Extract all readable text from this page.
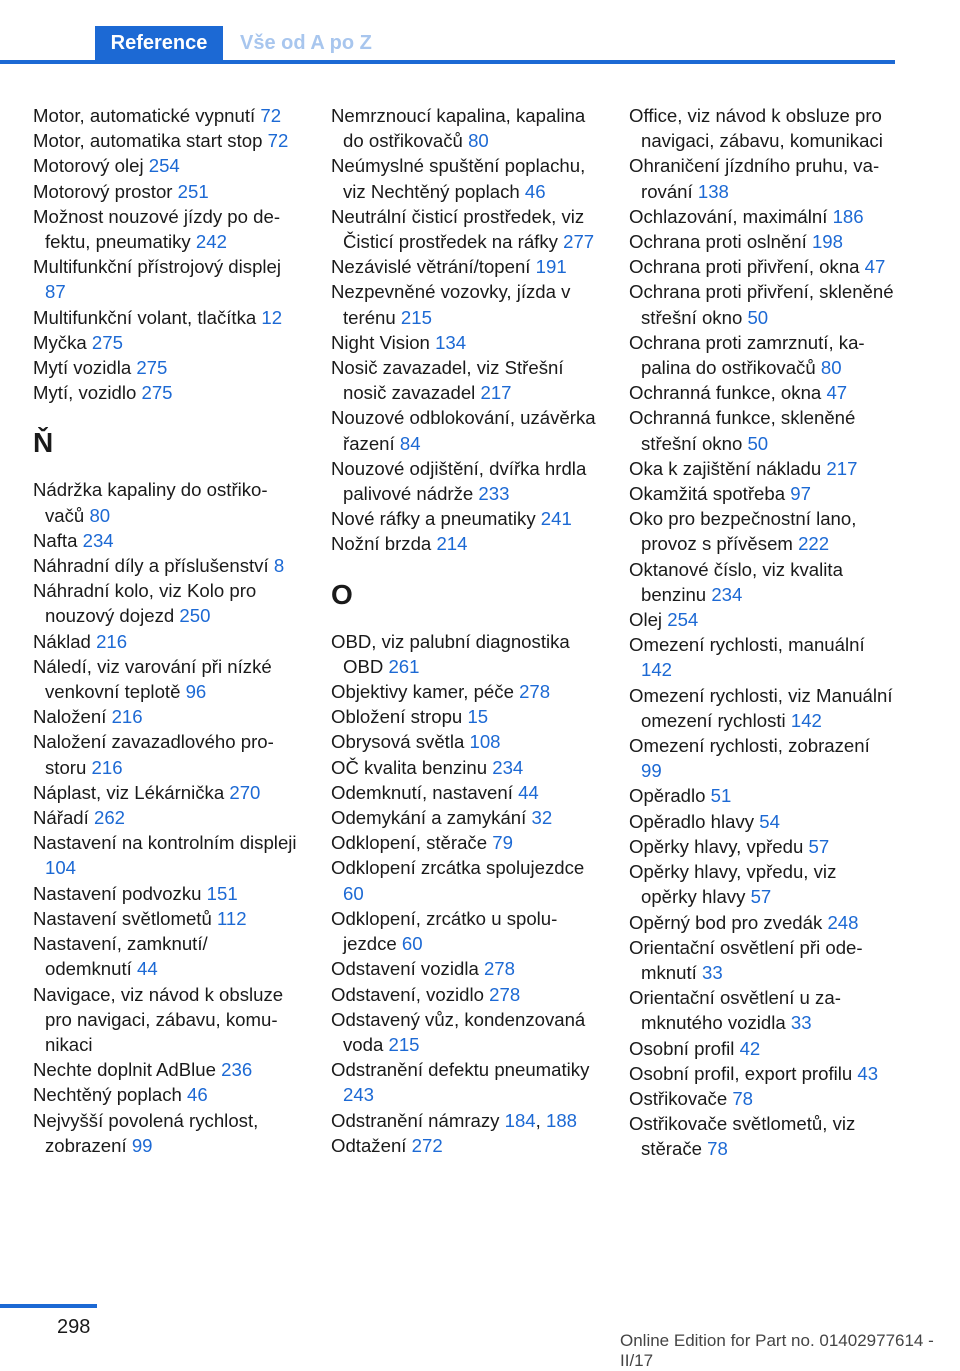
Reference	Vše od A po Z
Motor, automatické vypnutí 72
Motor, automatika start stop 72
Motorový olej 254
Motorový prostor 251
Možnost nouzové jízdy po defektu, pneumatiky 242
Multifunkční přístrojový displej 87
Multifunkční volant, tlačítka 12
Myčka 275
Mytí vozidla 275
Mytí, vozidlo 275
Ň
Nádržka kapaliny do ostřikovačů 80
Nafta 234
Náhradní díly a příslušenství 8
Náhradní kolo, viz Kolo pro nouzový dojezd 250
Náklad 216
Náledí, viz varování při nízké venkovní teplotě 96
Naložení 216
Naložení zavazadlového prostoru 216
Náplast, viz Lékárnička 270
Nářadí 262
Nastavení na kontrolním displeji 104
Nastavení podvozku 151
Nastavení světlometů 112
Nastavení, zamknutí/ odemknutí 44
Navigace, viz návod k obsluze pro navigaci, zábavu, komunikaci
Nechte doplnit AdBlue 236
Nechtěný poplach 46
Nejvyšší povolená rychlost, zobrazení 99
Nemrznoucí kapalina, kapalina do ostřikovačů 80
Neúmyslné spuštění poplachu, viz Nechtěný poplach 46
Neutrální čisticí prostředek, viz Čisticí prostředek na ráfky 277
Nezávislé větrání/topení 191
Nezpevněné vozovky, jízda v terénu 215
Night Vision 134
Nosič zavazadel, viz Střešní nosič zavazadel 217
Nouzové odblokování, uzávěrka řazení 84
Nouzové odjištění, dvířka hrdla palivové nádrže 233
Nové ráfky a pneumatiky 241
Nožní brzda 214
O
OBD, viz palubní diagnostika OBD 261
Objektivy kamer, péče 278
Obložení stropu 15
Obrysová světla 108
OČ kvalita benzinu 234
Odemknutí, nastavení 44
Odemykání a zamykání 32
Odklopení, stěrače 79
Odklopení zrcátka spolujezdce 60
Odklopení, zrcátko u spolujezdce 60
Odstavení vozidla 278
Odstavení, vozidlo 278
Odstavený vůz, kondenzovaná voda 215
Odstranění defektu pneumatiky 243
Odstranění námrazy 184, 188
Odtažení 272
Office, viz návod k obsluze pro navigaci, zábavu, komunikaci
Ohraničení jízdního pruhu, varování 138
Ochlazování, maximální 186
Ochrana proti oslnění 198
Ochrana proti přivření, okna 47
Ochrana proti přivření, skleněné střešní okno 50
Ochrana proti zamrznutí, kapalina do ostřikovačů 80
Ochranná funkce, okna 47
Ochranná funkce, skleněné střešní okno 50
Oka k zajištění nákladu 217
Okamžitá spotřeba 97
Oko pro bezpečnostní lano, provoz s přívěsem 222
Oktanové číslo, viz kvalita benzinu 234
Olej 254
Omezení rychlosti, manuální 142
Omezení rychlosti, viz Manuální omezení rychlosti 142
Omezení rychlosti, zobrazení 99
Opěradlo 51
Opěradlo hlavy 54
Opěrky hlavy, vpředu 57
Opěrky hlavy, vpředu, viz opěrky hlavy 57
Opěrný bod pro zvedák 248
Orientační osvětlení při odemknutí 33
Orientační osvětlení u zamknutého vozidla 33
Osobní profil 42
Osobní profil, export profilu 43
Ostřikovače 78
Ostřikovače světlometů, viz stěrače 78
298
Online Edition for Part no. 01402977614 - II/17
